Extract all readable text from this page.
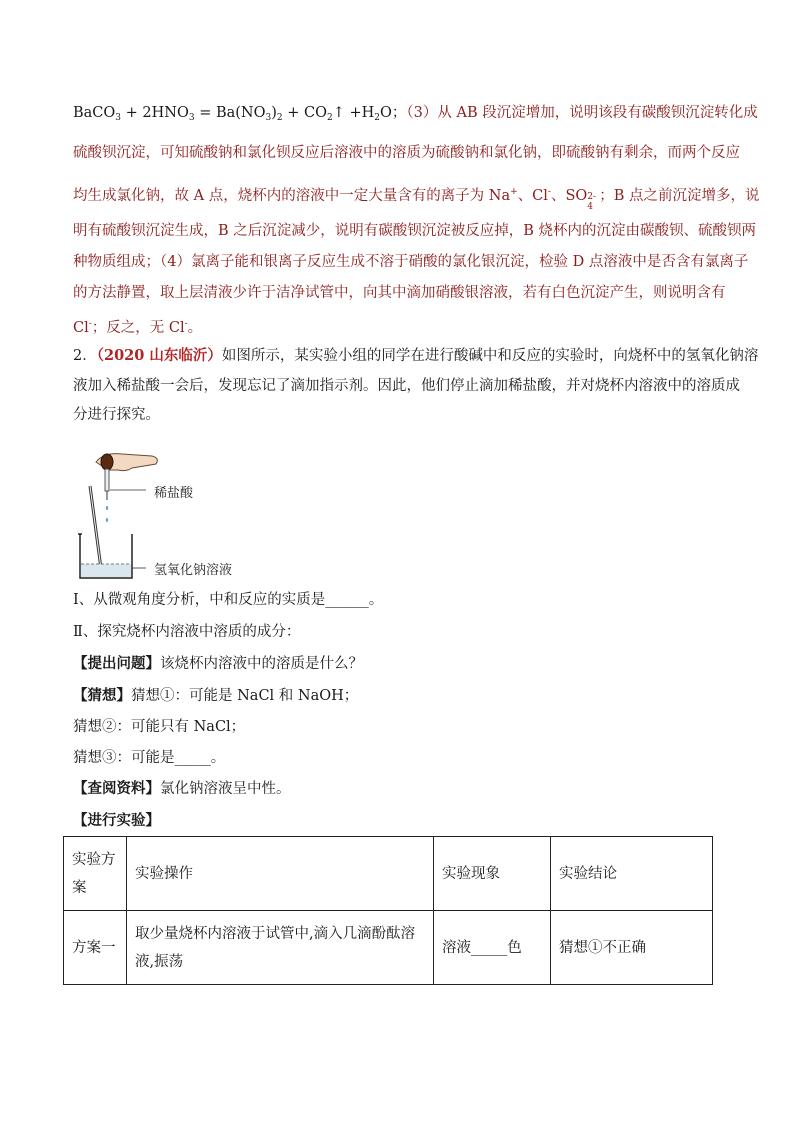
BaCO$_3$ + $2HNO_3 = Ba(NO_3)_2$ + $CO_2↑ +H_2O$；（3）从 AB 段沉淀增加，说明该段有碳酸钡沉淀转化成
硫酸钡沉淀，可知硫酸钠和氯化钡反应后溶液中的溶质为硫酸钠和氯化钠，即硫酸钠有剩余，而两个反应
均生成氯化钠，故 A 点，烧杯内的溶液中一定大量含有的离子为 Na+、Cl-、SO 2-
4
；B 点之前沉淀增多，说
明有硫酸钡沉淀生成，B 之后沉淀减少，说明有碳酸钡沉淀被反应掉，B 烧杯内的沉淀由碳酸钡、硫酸钡两
种物质组成；（4）氯离子能和银离子反应生成不溶于硝酸的氯化银沉淀，检验 D 点溶液中是否含有氯离子
的方法静置，取上层清液少许于洁净试管中，向其中滴加硝酸银溶液，若有白色沉淀产生，则说明含有
Cl-；反之，无 Cl-。
2．（2020 山东临沂）如图所示，某实验小组的同学在进行酸碱中和反应的实验时，向烧杯中的氢氧化钠溶
液加入稀盐酸一会后，发现忘记了滴加指示剂。因此，他们停止滴加稀盐酸，并对烧杯内溶液中的溶质成
分进行探究。
稀盐酸
氢氧化钠溶液
Ⅰ、从微观角度分析，中和反应的实质是______。
Ⅱ、探究烧杯内溶液中溶质的成分：
【提出问题】该烧杯内溶液中的溶质是什么？
【猜想】猜想①：可能是 NaCl 和 NaOH；
猜想②：可能只有 NaCl；
猜想③：可能是_____。
【查阅资料】氯化钠溶液呈中性。
【进行实验】
实验方案	实验操作	实验现象	实验结论
方案一	取少量烧杯内溶液于试管中,滴入几滴酚酞溶液,振荡	溶液_____色	猜想①不正确
